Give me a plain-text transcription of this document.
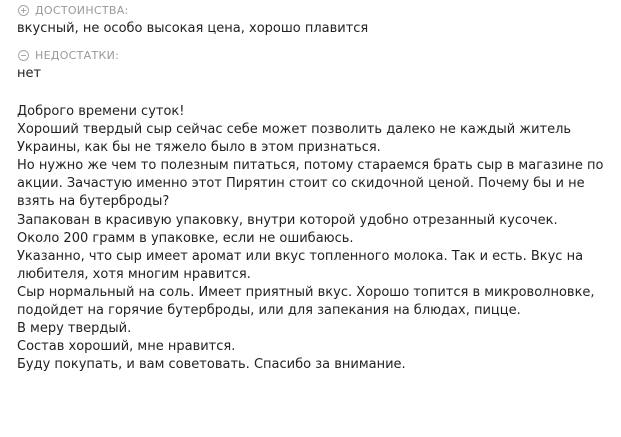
ДОСТОИНСТВА:
вкусный, не особо высокая цена, хорошо плавится
НЕДОСТАТКИ:
нет

Доброго времени суток!

Хороший твердый сыр сейчас себе может позволить далеко не каждый житель Украины, как бы не тяжело было в этом признаться.

Но нужно же чем то полезным питаться, потому стараемся брать сыр в магазине по акции. Зачастую именно этот Пирятин стоит со скидочной ценой. Почему бы и не взять на бутерброды?

Запакован в красивую упаковку, внутри которой удобно отрезанный кусочек.

Около 200 грамм в упаковке, если не ошибаюсь.

Указанно, что сыр имеет аромат или вкус топленного молока. Так и есть. Вкус на любителя, хотя многим нравится.

Сыр нормальный на соль. Имеет приятный вкус. Хорошо топится в микроволновке, подойдет на горячие бутерброды, или для запекания на блюдах, пицце.

В меру твердый.

Состав хороший, мне нравится.

Буду покупать, и вам советовать. Спасибо за внимание.
